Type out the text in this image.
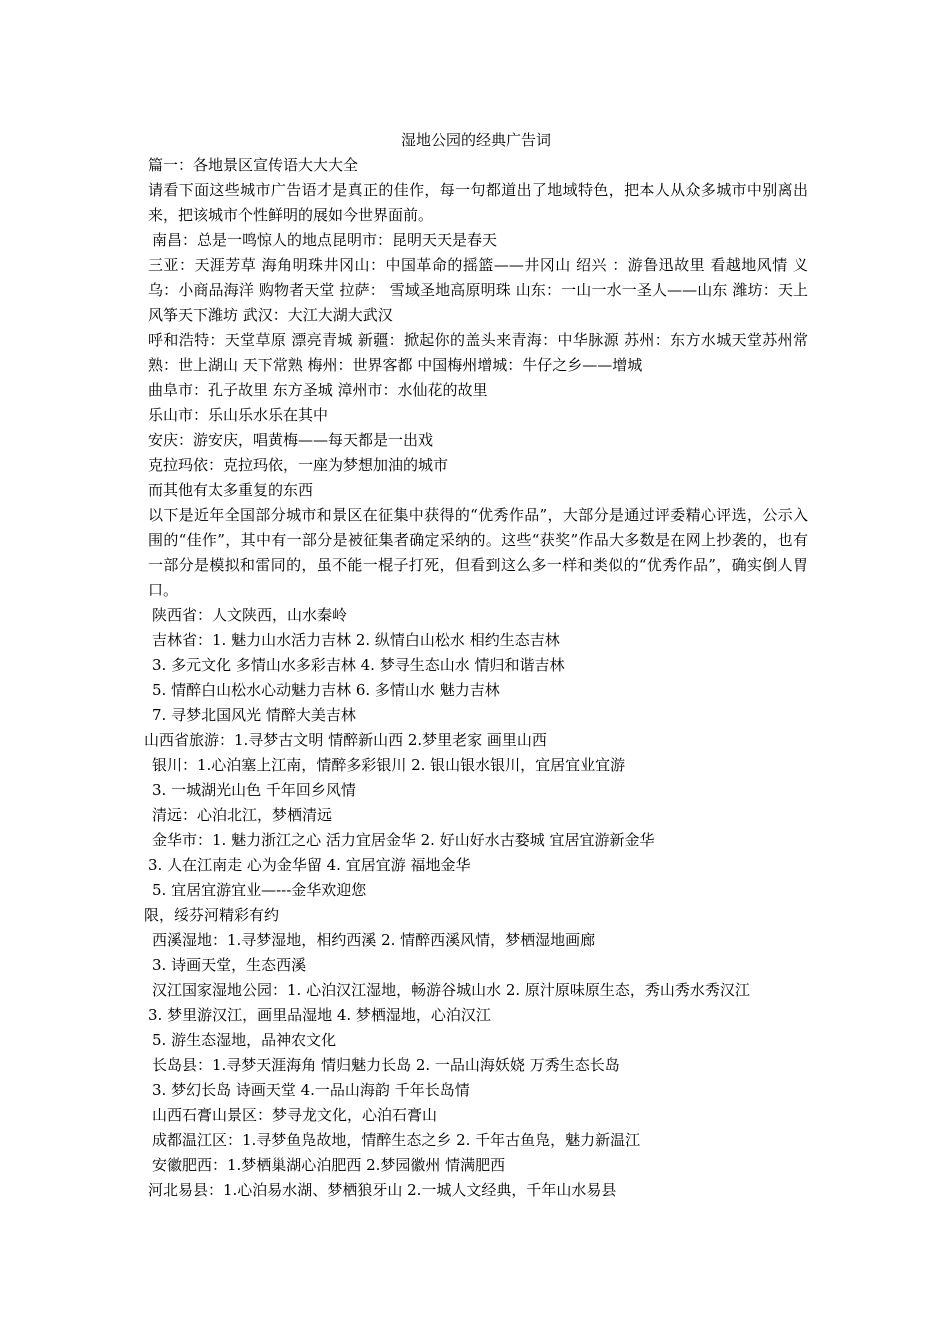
湿地公园的经典广告词

篇一：各地景区宣传语大大大全

请看下面这些城市广告语才是真正的佳作，每一句都道出了地域特色，把本人从众多城市中别离出来，把该城市个性鲜明的展如今世界面前。

南昌：总是一鸣惊人的地点昆明市：昆明天天是春天

三亚：天涯芳草 海角明珠井冈山：中国革命的摇篮——井冈山 绍兴 ：游鲁迅故里 看越地风情 义乌：小商品海洋 购物者天堂 拉萨： 雪域圣地高原明珠 山东：一山一水一圣人——山东 潍坊：天上风筝天下潍坊 武汉：大江大湖大武汉

呼和浩特：天堂草原 漂亮青城 新疆：掀起你的盖头来青海：中华脉源 苏州：东方水城天堂苏州常熟：世上湖山 天下常熟 梅州：世界客都 中国梅州增城：牛仔之乡——增城

曲阜市：孔子故里 东方圣城 漳州市：水仙花的故里

乐山市：乐山乐水乐在其中

安庆：游安庆，唱黄梅——每天都是一出戏

克拉玛依：克拉玛依，一座为梦想加油的城市

而其他有太多重复的东西

以下是近年全国部分城市和景区在征集中获得的“优秀作品”，大部分是通过评委精心评选，公示入围的“佳作”，其中有一部分是被征集者确定采纳的。这些“获奖”作品大多数是在网上抄袭的，也有一部分是模拟和雷同的，虽不能一棍子打死，但看到这么多一样和类似的“优秀作品”，确实倒人胃口。

陕西省：人文陕西，山水秦岭

吉林省：1. 魅力山水活力吉林 2. 纵情白山松水 相约生态吉林

3. 多元文化 多情山水多彩吉林 4. 梦寻生态山水 情归和谐吉林

5. 情醉白山松水心动魅力吉林 6. 多情山水 魅力吉林

7. 寻梦北国风光 情醉大美吉林

山西省旅游：1.寻梦古文明 情醉新山西 2.梦里老家 画里山西

银川：1.心泊塞上江南，情醉多彩银川 2. 银山银水银川，宜居宜业宜游

3. 一城湖光山色 千年回乡风情

清远：心泊北江，梦栖清远

金华市：1. 魅力浙江之心 活力宜居金华 2. 好山好水古婺城 宜居宜游新金华

3. 人在江南走 心为金华留 4. 宜居宜游 福地金华

5. 宜居宜游宜业—---金华欢迎您

限，绥芬河精彩有约

西溪湿地：1.寻梦湿地，相约西溪 2. 情醉西溪风情，梦栖湿地画廊

3. 诗画天堂，生态西溪

汉江国家湿地公园：1. 心泊汉江湿地，畅游谷城山水 2. 原汁原味原生态，秀山秀水秀汉江

3. 梦里游汉江，画里品湿地 4. 梦栖湿地，心泊汉江

5. 游生态湿地，品神农文化

长岛县：1.寻梦天涯海角 情归魅力长岛 2. 一品山海妖娆 万秀生态长岛

3. 梦幻长岛 诗画天堂 4.一品山海韵 千年长岛情

山西石膏山景区：梦寻龙文化，心泊石膏山

成都温江区：1.寻梦鱼凫故地，情醉生态之乡 2. 千年古鱼凫，魅力新温江

安徽肥西：1.梦栖巢湖心泊肥西 2.梦园徽州 情满肥西

河北易县：1.心泊易水湖、梦栖狼牙山 2.一城人文经典，千年山水易县
